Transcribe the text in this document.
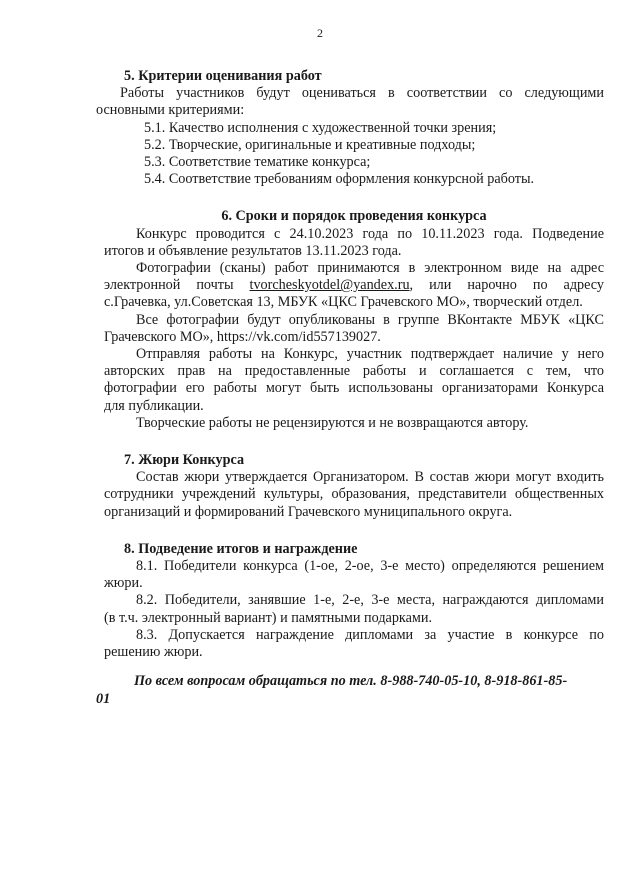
2

5. Критерии оценивания работ

Работы участников будут оцениваться в соответствии со следующими

основными критериями:

5.1. Качество исполнения с художественной точки зрения;

5.2. Творческие, оригинальные и креативные подходы;

5.3. Соответствие тематике конкурса;

5.4. Соответствие требованиям оформления конкурсной работы.

6. Сроки и порядок проведения конкурса

Конкурс проводится с 24.10.2023 года по 10.11.2023 года. Подведение

итогов и объявление результатов 13.11.2023 года.

Фотографии (сканы) работ принимаются в электронном виде на адрес

электронной почты tvorcheskyotdel@yandex.ru, или нарочно по адресу

с.Грачевка, ул.Советская 13, МБУК «ЦКС Грачевского МО», творческий отдел.

Все фотографии будут опубликованы в группе ВКонтакте МБУК «ЦКС

Грачевского МО», https://vk.com/id557139027.

Отправляя работы на Конкурс, участник подтверждает наличие у него

авторских прав на предоставленные работы и соглашается с тем, что

фотографии его работы могут быть использованы организаторами Конкурса

для публикации.

Творческие работы не рецензируются и не возвращаются автору.

7. Жюри Конкурса

Состав жюри утверждается Организатором. В состав жюри могут входить

сотрудники учреждений культуры, образования, представители общественных

организаций и формирований Грачевского муниципального округа.

8. Подведение итогов и награждение

8.1. Победители конкурса (1-ое, 2-ое, 3-е место) определяются решением

жюри.

8.2. Победители, занявшие 1-е, 2-е, 3-е места, награждаются дипломами

(в т.ч. электронный вариант) и памятными подарками.

8.3. Допускается награждение дипломами за участие в конкурсе по

решению жюри.

По всем вопросам обращаться по тел. 8-988-740-05-10, 8-918-861-85-

01
